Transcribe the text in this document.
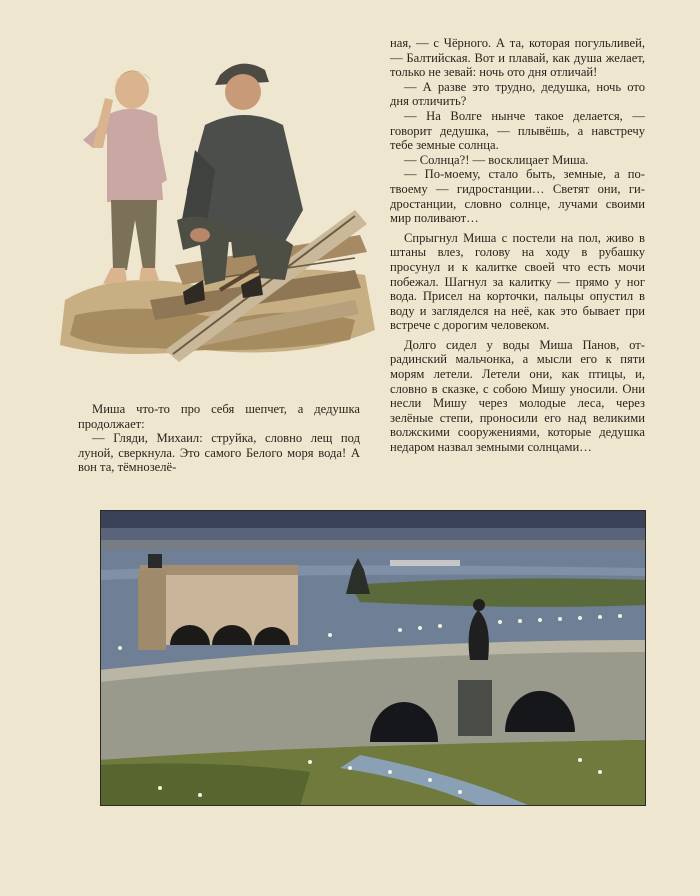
ная, — с Чёрного. А та, которая погульливей, — Балтийская. Вот и плавай, как душа желает, только не зевай: ночь ото дня отличай!

— А разве это трудно, дедушка, ночь ото дня отличить?

— На Волге нынче такое делается, — говорит дедушка, — плывёшь, а навстречу тебе земные солнца.

— Солнца?! — восклицает Миша.

— По-моему, стало быть, земные, а потвоему — гидростанции… Светят они, гидростанции, словно солнце, лучами своими мир поливают…

Спрыгнул Миша с постели на пол, живо в штаны влез, голову на ходу в рубашку просунул и к калитке своей что есть мочи побежал. Шагнул за калитку — прямо у ног вода. Присел на корточки, пальцы опустил в воду и загляделся на неё, как это бывает при встрече с дорогим человеком.

Долго сидел у воды Миша Панов, отрадинский мальчонка, а мысли его к пяти морям летели. Летели они, как птицы, и, словно в сказке, с собою Мишу уносили. Они несли Мишу через молодые леса, через зелёные степи, проносили его над великими волжскими сооружениями, которые дедушка недаром назвал земными солнцами…

Миша что-то про себя шепчет, а дедушка продолжает:

— Гляди, Михаил: струйка, словно лещ под луной, сверкнула. Это самого Белого моря вода! А вон та, тёмнозелё-
